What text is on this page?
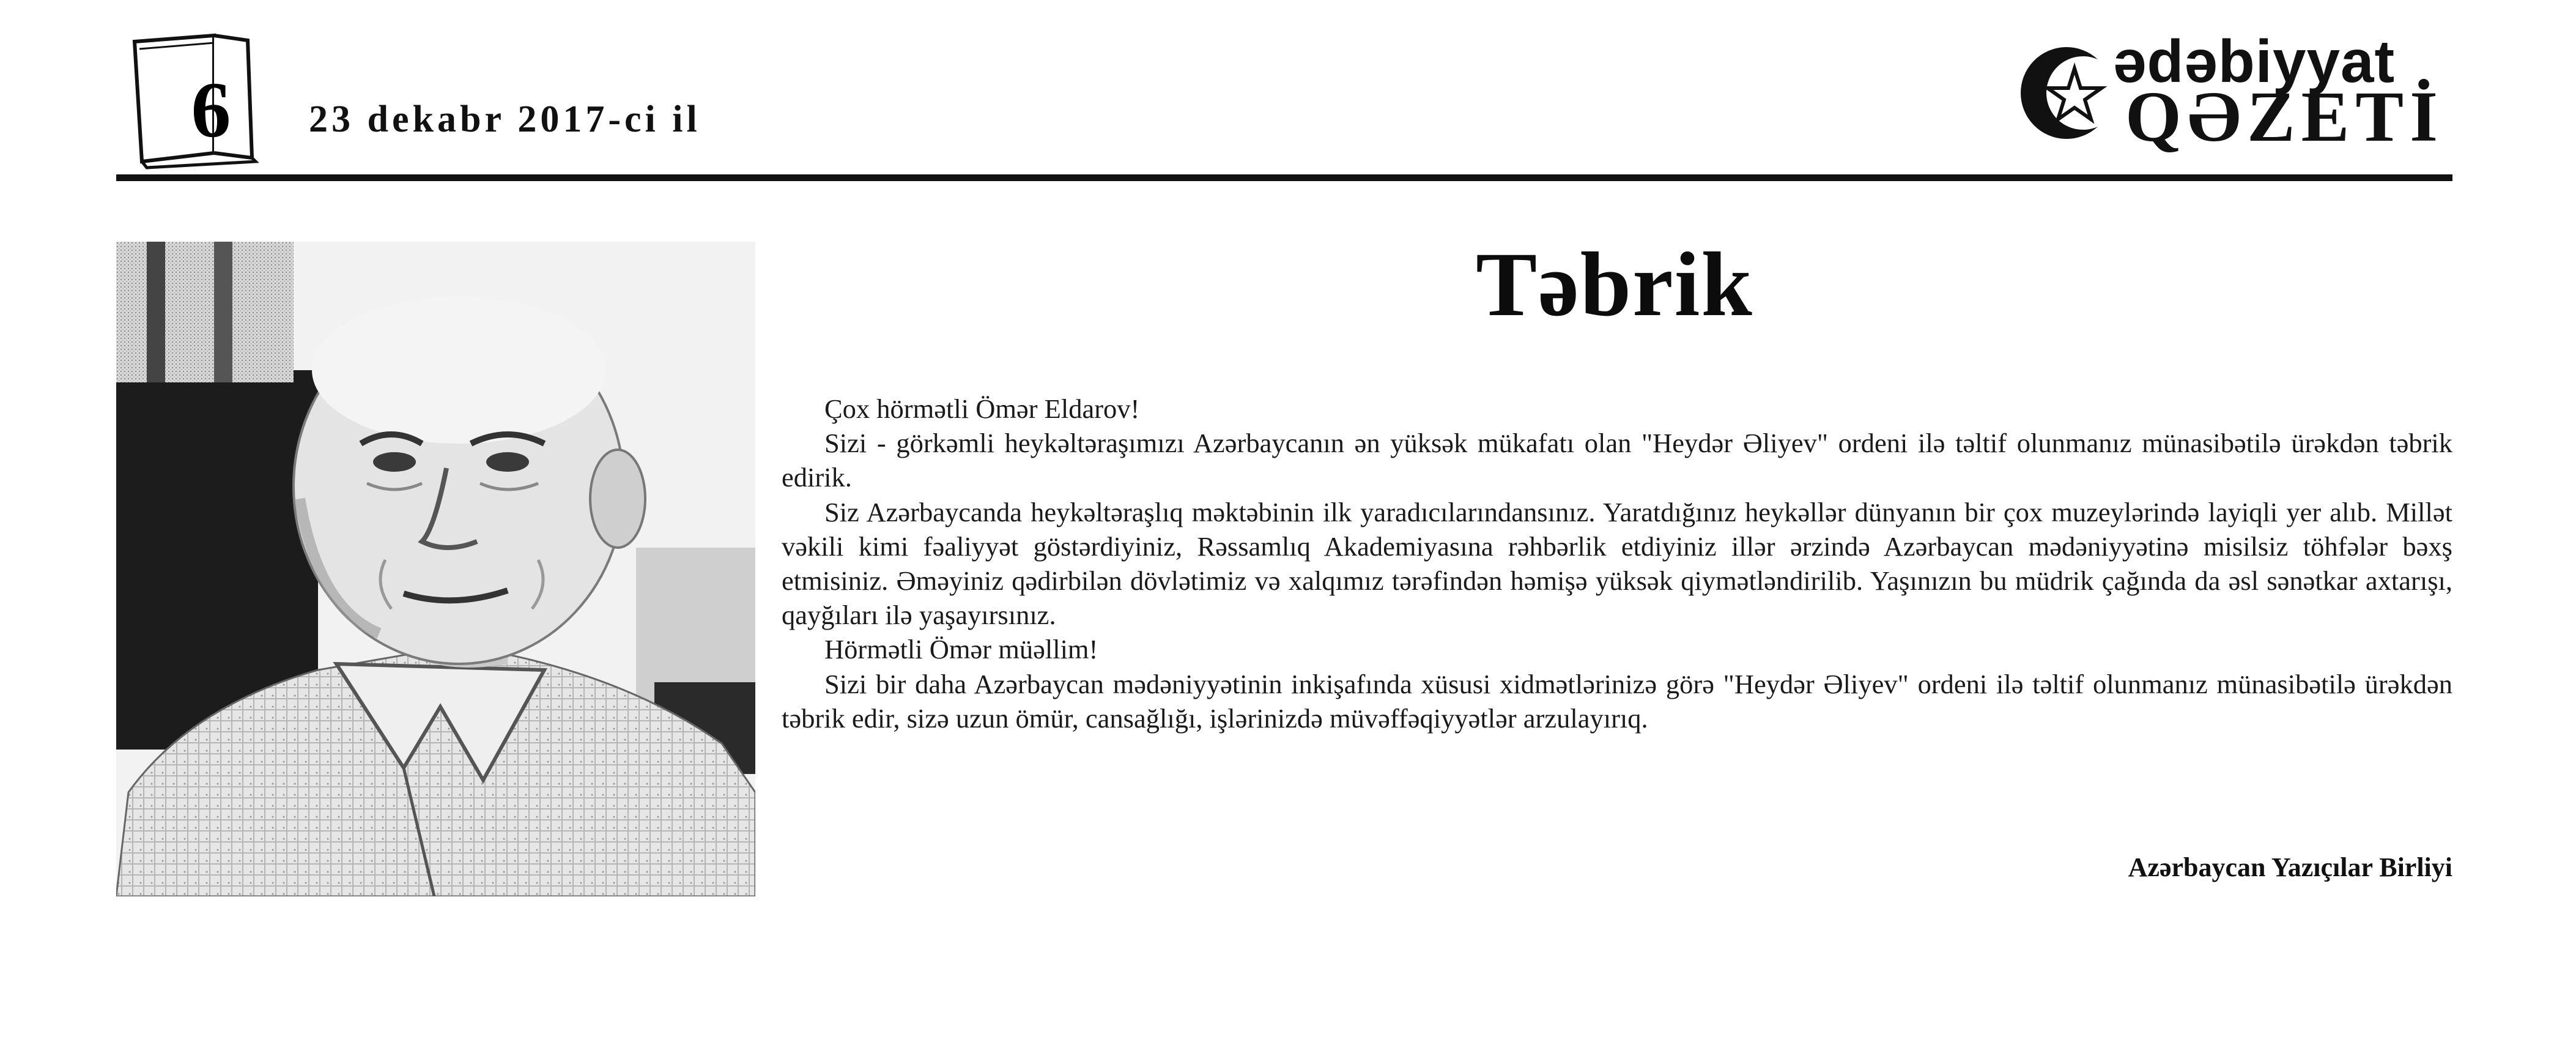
6	23 dekabr 2017-ci il
ədəbiyyat
QƏZETİ
Təbrik

Çox hörmətli Ömər Eldarov!

Sizi - görkəmli heykəltəraşımızı Azərbaycanın ən yüksək mükafatı olan "Heydər Əliyev" ordeni ilə təltif olunmanız münasibətilə ürəkdən təbrik edirik.

Siz Azərbaycanda heykəltəraşlıq məktəbinin ilk yaradıcılarındansınız. Yaratdığınız heykəllər dünyanın bir çox muzeylərində layiqli yer alıb. Millət vəkili kimi fəaliyyət göstərdiyiniz, Rəssamlıq Akademiyasına rəhbərlik etdiyiniz illər ərzində Azərbaycan mədəniyyətinə misilsiz töhfələr bəxş etmisiniz. Əməyiniz qədirbilən dövlətimiz və xalqımız tərəfindən həmişə yüksək qiymətləndirilib. Yaşınızın bu müdrik çağında da əsl sənətkar axtarışı, qayğıları ilə yaşayırsınız.

Hörmətli Ömər müəllim!

Sizi bir daha Azərbaycan mədəniyyətinin inkişafında xüsusi xidmətlərinizə görə "Heydər Əliyev" ordeni ilə təltif olunmanız münasibətilə ürəkdən təbrik edir, sizə uzun ömür, cansağlığı, işlərinizdə müvəffəqiyyətlər arzulayırıq.

Azərbaycan Yazıçılar Birliyi
